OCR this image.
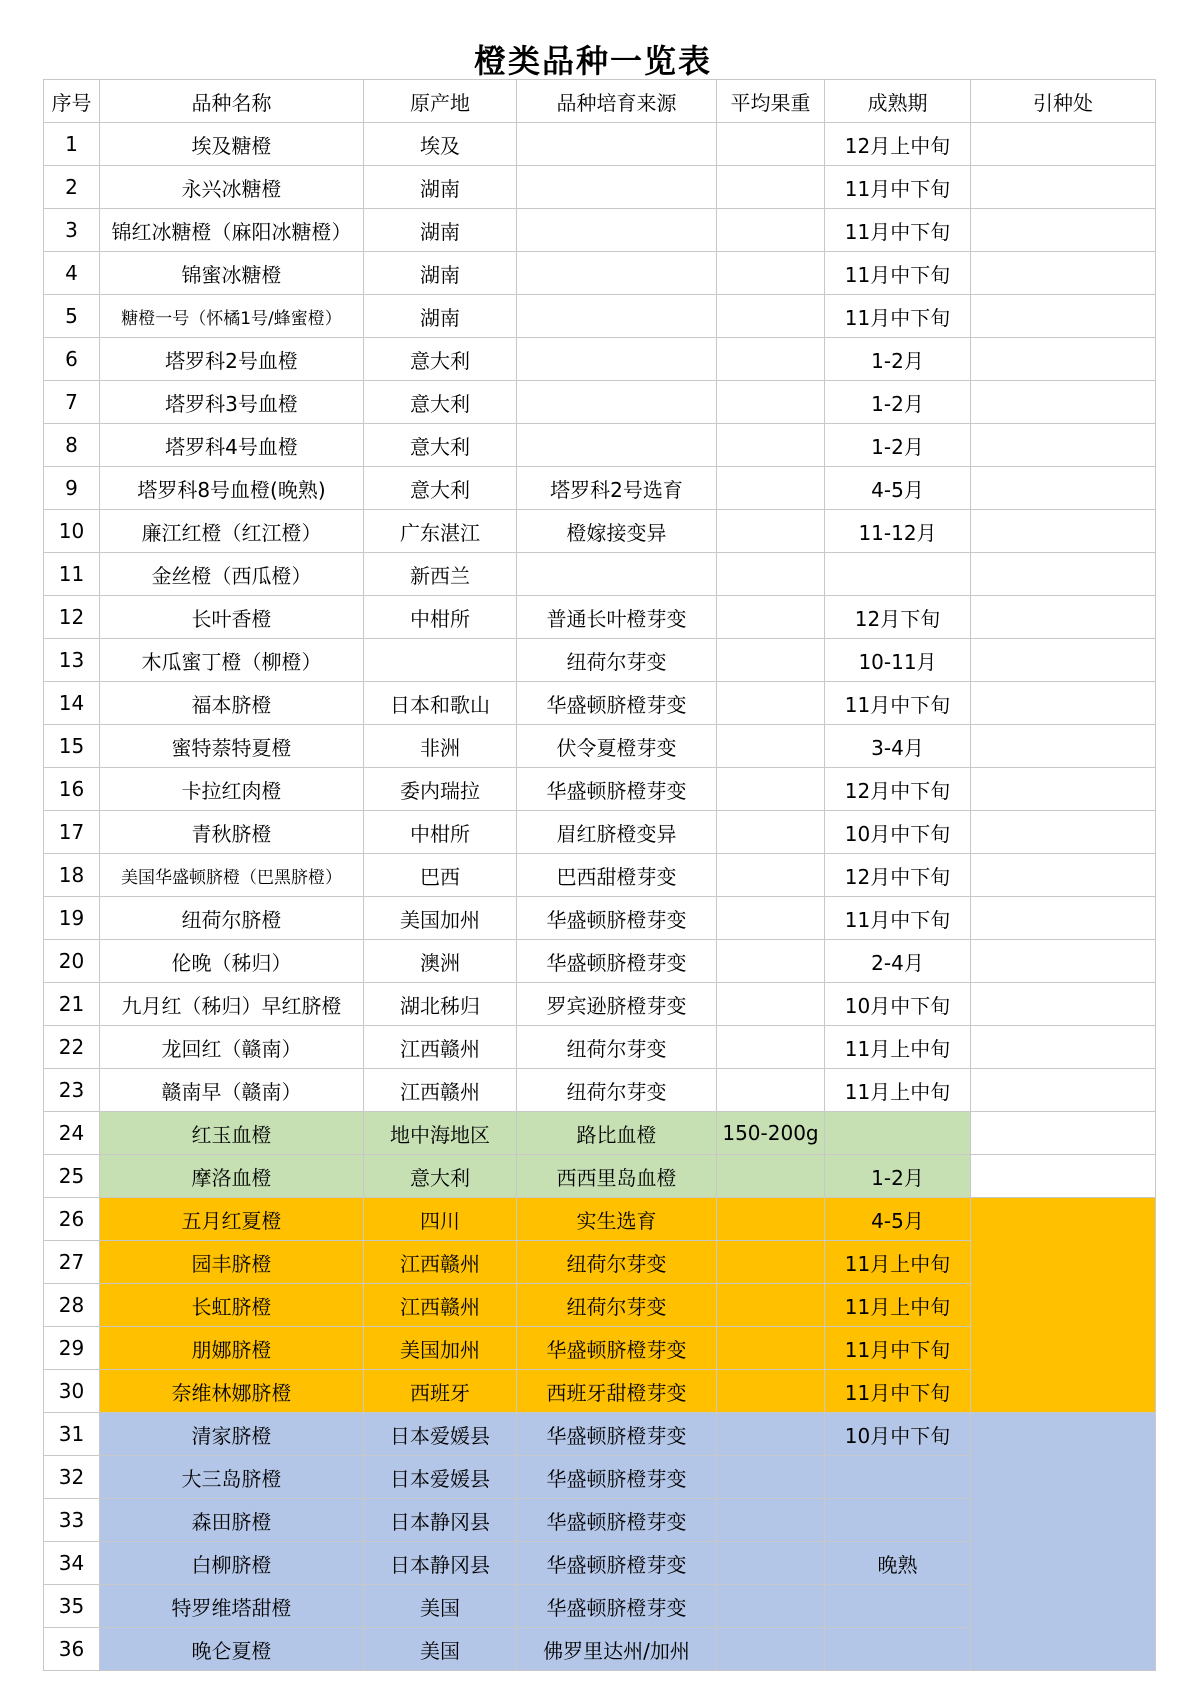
橙类品种一览表
序号	品种名称	原产地	品种培育来源	平均果重	成熟期	引种处
1	埃及糖橙	埃及			12月上中旬	
2	永兴冰糖橙	湖南			11月中下旬	
3	锦红冰糖橙（麻阳冰糖橙）	湖南			11月中下旬	
4	锦蜜冰糖橙	湖南			11月中下旬	
5	糖橙一号（怀橘1号/蜂蜜橙）	湖南			11月中下旬	
6	塔罗科2号血橙	意大利			1-2月	
7	塔罗科3号血橙	意大利			1-2月	
8	塔罗科4号血橙	意大利			1-2月	
9	塔罗科8号血橙(晚熟)	意大利	塔罗科2号选育		4-5月	
10	廉江红橙（红江橙）	广东湛江	橙嫁接变异		11-12月	
11	金丝橙（西瓜橙）	新西兰				
12	长叶香橙	中柑所	普通长叶橙芽变		12月下旬	
13	木瓜蜜丁橙（柳橙）		纽荷尔芽变		10-11月	
14	福本脐橙	日本和歌山	华盛顿脐橙芽变		11月中下旬	
15	蜜特萘特夏橙	非洲	伏令夏橙芽变		3-4月	
16	卡拉红肉橙	委内瑞拉	华盛顿脐橙芽变		12月中下旬	
17	青秋脐橙	中柑所	眉红脐橙变异		10月中下旬	
18	美国华盛顿脐橙（巴黑脐橙）	巴西	巴西甜橙芽变		12月中下旬	
19	纽荷尔脐橙	美国加州	华盛顿脐橙芽变		11月中下旬	
20	伦晚（秭归）	澳洲	华盛顿脐橙芽变		2-4月	
21	九月红（秭归）早红脐橙	湖北秭归	罗宾逊脐橙芽变		10月中下旬	
22	龙回红（赣南）	江西赣州	纽荷尔芽变		11月上中旬	
23	赣南早（赣南）	江西赣州	纽荷尔芽变		11月上中旬	
24	红玉血橙	地中海地区	路比血橙	150-200g		
25	摩洛血橙	意大利	西西里岛血橙		1-2月	
26	五月红夏橙	四川	实生选育		4-5月	
27	园丰脐橙	江西赣州	纽荷尔芽变		11月上中旬	
28	长虹脐橙	江西赣州	纽荷尔芽变		11月上中旬	
29	朋娜脐橙	美国加州	华盛顿脐橙芽变		11月中下旬	
30	奈维林娜脐橙	西班牙	西班牙甜橙芽变		11月中下旬	
31	清家脐橙	日本爱媛县	华盛顿脐橙芽变		10月中下旬	
32	大三岛脐橙	日本爱媛县	华盛顿脐橙芽变			
33	森田脐橙	日本静冈县	华盛顿脐橙芽变			
34	白柳脐橙	日本静冈县	华盛顿脐橙芽变		晚熟	
35	特罗维塔甜橙	美国	华盛顿脐橙芽变			
36	晚仑夏橙	美国	佛罗里达州/加州			
